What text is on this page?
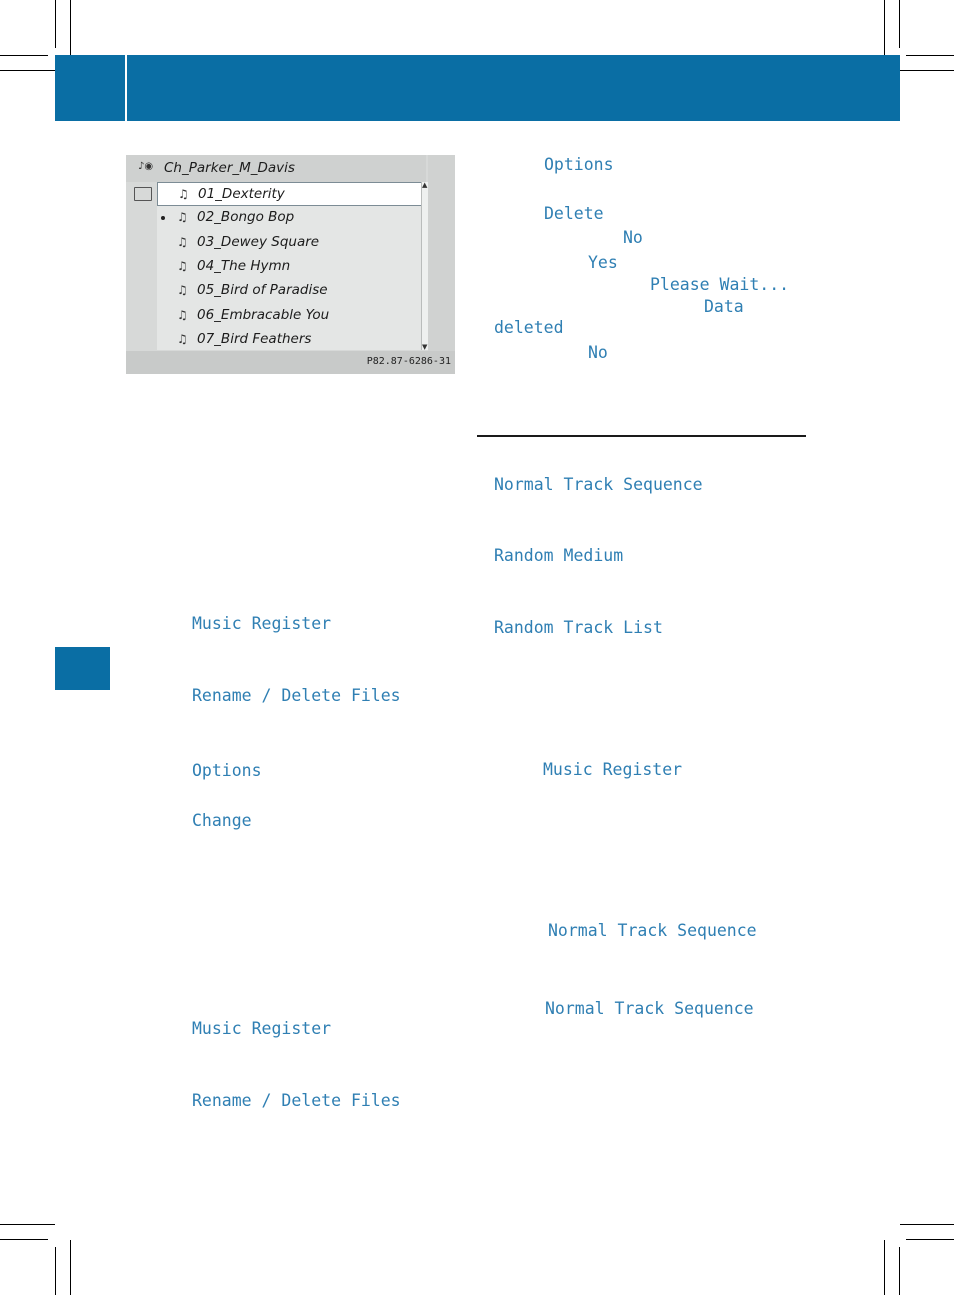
♪◉ Ch_Parker_M_Davis
♫ 01_Dexterity
♫ 02_Bongo Bop
♫ 03_Dewey Square
♫ 04_The Hymn
♫ 05_Bird of Paradise
♫ 06_Embracable You
♫ 07_Bird Feathers
▲
▼
P82.87-6286-31
Music Register
Rename / Delete Files
Options
Change
Music Register
Rename / Delete Files
Options
Delete
No
Yes
Please Wait...
Data
deleted
No
Normal Track Sequence
Random Medium
Random Track List
Music Register
Normal Track Sequence
Normal Track Sequence
